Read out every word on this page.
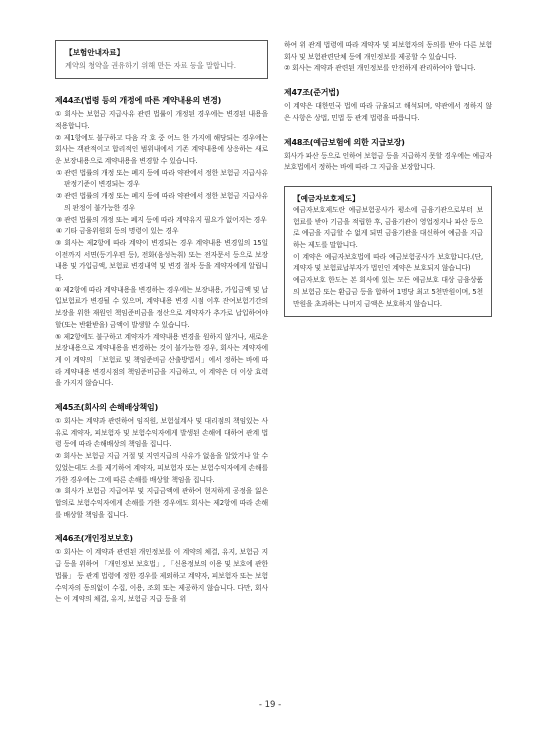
【보험안내자료】
계약의 청약을 권유하기 위해 만든 자료 등을 말합니다.
제44조(법령 등의 개정에 따른 계약내용의 변경)

① 회사는 보험금 지급사유 관련 법률이 개정된 경우에는 변경된 내용을 적용합니다.

② 제1항에도 불구하고 다음 각 호 중 어느 한 가지에 해당되는 경우에는 회사는 객관적이고 합리적인 범위내에서 기존 계약내용에 상응하는 새로운 보장내용으로 계약내용을 변경할 수 있습니다.

① 관련 법률의 개정 또는 폐지 등에 따라 약관에서 정한 보험금 지급사유 판정기준이 변경되는 경우

② 관련 법률의 개정 또는 폐지 등에 따라 약관에서 정한 보험금 지급사유의 판정이 불가능한 경우

③ 관련 법률의 개정 또는 폐지 등에 따라 계약유지 필요가 없어지는 경우

④ 기타 금융위원회 등의 명령이 있는 경우

③ 회사는 제2항에 따라 계약이 변경되는 경우 계약내용 변경일의 15일 이전까지 서면(등기우편 등), 전화(음성녹취) 또는 전자문서 등으로 보장내용 및 가입금액, 보험료 변경내역 및 변경 절차 등을 계약자에게 알립니다.

④ 제2항에 따라 계약내용을 변경하는 경우에는 보장내용, 가입금액 및 납입보험료가 변경될 수 있으며, 계약내용 변경 시점 이후 잔여보험기간의 보장을 위한 재원인 책임준비금을 정산으로 계약자가 추가로 납입하여야 할(또는 반환받을) 금액이 발생할 수 있습니다.

⑤ 제2항에도 불구하고 계약자가 계약내용 변경을 원하지 않거나, 새로운 보장내용으로 계약내용을 변경하는 것이 불가능한 경우, 회사는 계약자에게 이 계약의 「보험료 및 책임준비금 산출방법서」에서 정하는 바에 따라 계약내용 변경시점의 책임준비금을 지급하고, 이 계약은 더 이상 효력을 가지지 않습니다.

제45조(회사의 손해배상책임)

① 회사는 계약과 관련하여 임직원, 보험설계사 및 대리점의 책임있는 사유로 계약자, 피보험자 및 보험수익자에게 발생된 손해에 대하여 관계 법령 등에 따라 손해배상의 책임을 집니다.

② 회사는 보험금 지급 거절 및 지연지급의 사유가 없음을 알았거나 알 수 있었는데도 소를 제기하여 계약자, 피보험자 또는 보험수익자에게 손해를 가한 경우에는 그에 따른 손해를 배상할 책임을 집니다.

③ 회사가 보험금 지급여부 및 지급금액에 관하여 현저하게 공정을 잃은 합의로 보험수익자에게 손해를 가한 경우에도 회사는 제2항에 따라 손해를 배상할 책임을 집니다.

제46조(개인정보보호)

① 회사는 이 계약과 관련된 개인정보를 이 계약의 체결, 유지, 보험금 지급 등을 위하여 「개인정보 보호법」, 「신용정보의 이용 및 보호에 관한 법률」 등 관계 법령에 정한 경우를 제외하고 계약자, 피보험자 또는 보험수익자의 동의없이 수집, 이용, 조회 또는 제공하지 않습니다. 다만, 회사는 이 계약의 체결, 유지, 보험금 지급 등을 위

하여 위 관계 법령에 따라 계약자 및 피보험자의 동의를 받아 다른 보험회사 및 보험관련단체 등에 개인정보를 제공할 수 있습니다.

② 회사는 계약과 관련된 개인정보를 안전하게 관리하여야 합니다.

제47조(준거법)

이 계약은 대한민국 법에 따라 규율되고 해석되며, 약관에서 정하지 않은 사항은 상법, 민법 등 관계 법령을 따릅니다.

제48조(예금보험에 의한 지급보장)

회사가 파산 등으로 인하여 보험금 등을 지급하지 못할 경우에는 예금자보호법에서 정하는 바에 따라 그 지급을 보장합니다.

【예금자보호제도】

예금자보호제도란 예금보험공사가 평소에 금융기관으로부터 보험료를 받아 기금을 적립한 후, 금융기관이 영업정지나 파산 등으로 예금을 지급할 수 없게 되면 금융기관을 대신하여 예금을 지급하는 제도를 말합니다.

이 계약은 예금자보호법에 따라 예금보험공사가 보호합니다.(단, 계약자 및 보험료납부자가 법인인 계약은 보호되지 않습니다)

예금자보호 한도는 본 회사에 있는 모든 예금보호 대상 금융상품의 보험금 또는 환급금 등을 합하여 1명당 최고 5천만원이며, 5천만원을 초과하는 나머지 금액은 보호하지 않습니다.

- 19 -
